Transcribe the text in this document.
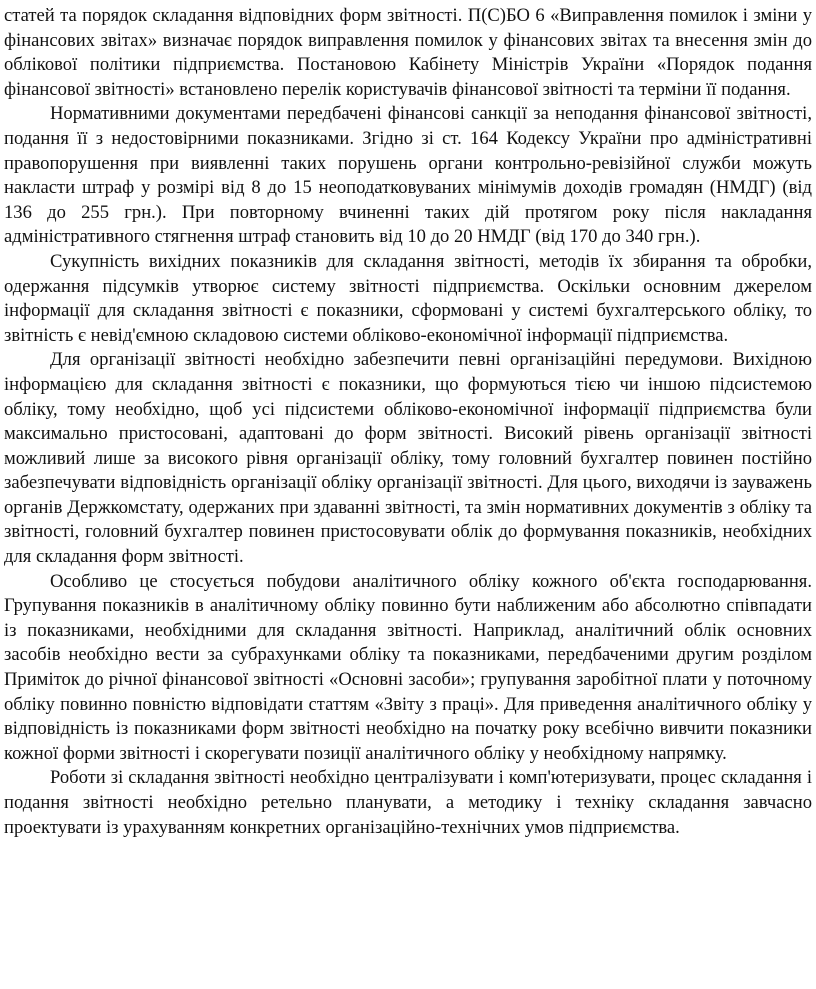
статей та порядок складання відповідних форм звітності. П(С)БО 6 «Виправлення помилок і зміни у фінансових звітах» визначає порядок виправлення помилок у фінансових звітах та внесення змін до облікової політики підприємства. Постановою Кабінету Міністрів України «Порядок подання фінансової звітності» встановлено перелік користувачів фінансової звітності та терміни її подання.

Нормативними документами передбачені фінансові санкції за неподання фінансової звітності, подання її з недостовірними показниками. Згідно зі ст. 164 Кодексу України про адміністративні правопорушення при виявленні таких порушень органи контрольно-ревізійної служби можуть накласти штраф у розмірі від 8 до 15 неоподатковуваних мінімумів доходів громадян (НМДГ) (від 136 до 255 грн.). При повторному вчиненні таких дій протягом року після накладання адміністративного стягнення штраф становить від 10 до 20 НМДГ (від 170 до 340 грн.).

Сукупність вихідних показників для складання звітності, методів їх збирання та обробки, одержання підсумків утворює систему звітності підприємства. Оскільки основним джерелом інформації для складання звітності є показники, сформовані у системі бухгалтерського обліку, то звітність є невід'ємною складовою системи обліково-економічної інформації підприємства.

Для організації звітності необхідно забезпечити певні організаційні передумови. Вихідною інформацією для складання звітності є показники, що формуються тією чи іншою підсистемою обліку, тому необхідно, щоб усі підсистеми обліково-економічної інформації підприємства були максимально пристосовані, адаптовані до форм звітності. Високий рівень організації звітності можливий лише за високого рівня організації обліку, тому головний бухгалтер повинен постійно забезпечувати відповідність організації обліку організації звітності. Для цього, виходячи із зауважень органів Держкомстату, одержаних при здаванні звітності, та змін нормативних документів з обліку та звітності, головний бухгалтер повинен пристосовувати облік до формування показників, необхідних для складання форм звітності.

Особливо це стосується побудови аналітичного обліку кожного об'єкта господарювання. Групування показників в аналітичному обліку повинно бути наближеним або абсолютно співпадати із показниками, необхідними для складання звітності. Наприклад, аналітичний облік основних засобів необхідно вести за субрахунками обліку та показниками, передбаченими другим розділом Приміток до річної фінансової звітності «Основні засоби»; групування заробітної плати у поточному обліку повинно повністю відповідати статтям «Звіту з праці». Для приведення аналітичного обліку у відповідність із показниками форм звітності необхідно на початку року всебічно вивчити показники кожної форми звітності і скорегувати позиції аналітичного обліку у необхідному напрямку.

Роботи зі складання звітності необхідно централізувати і комп'ютеризувати, процес складання і подання звітності необхідно ретельно планувати, а методику і техніку складання завчасно проектувати із урахуванням конкретних організаційно-технічних умов підприємства.
